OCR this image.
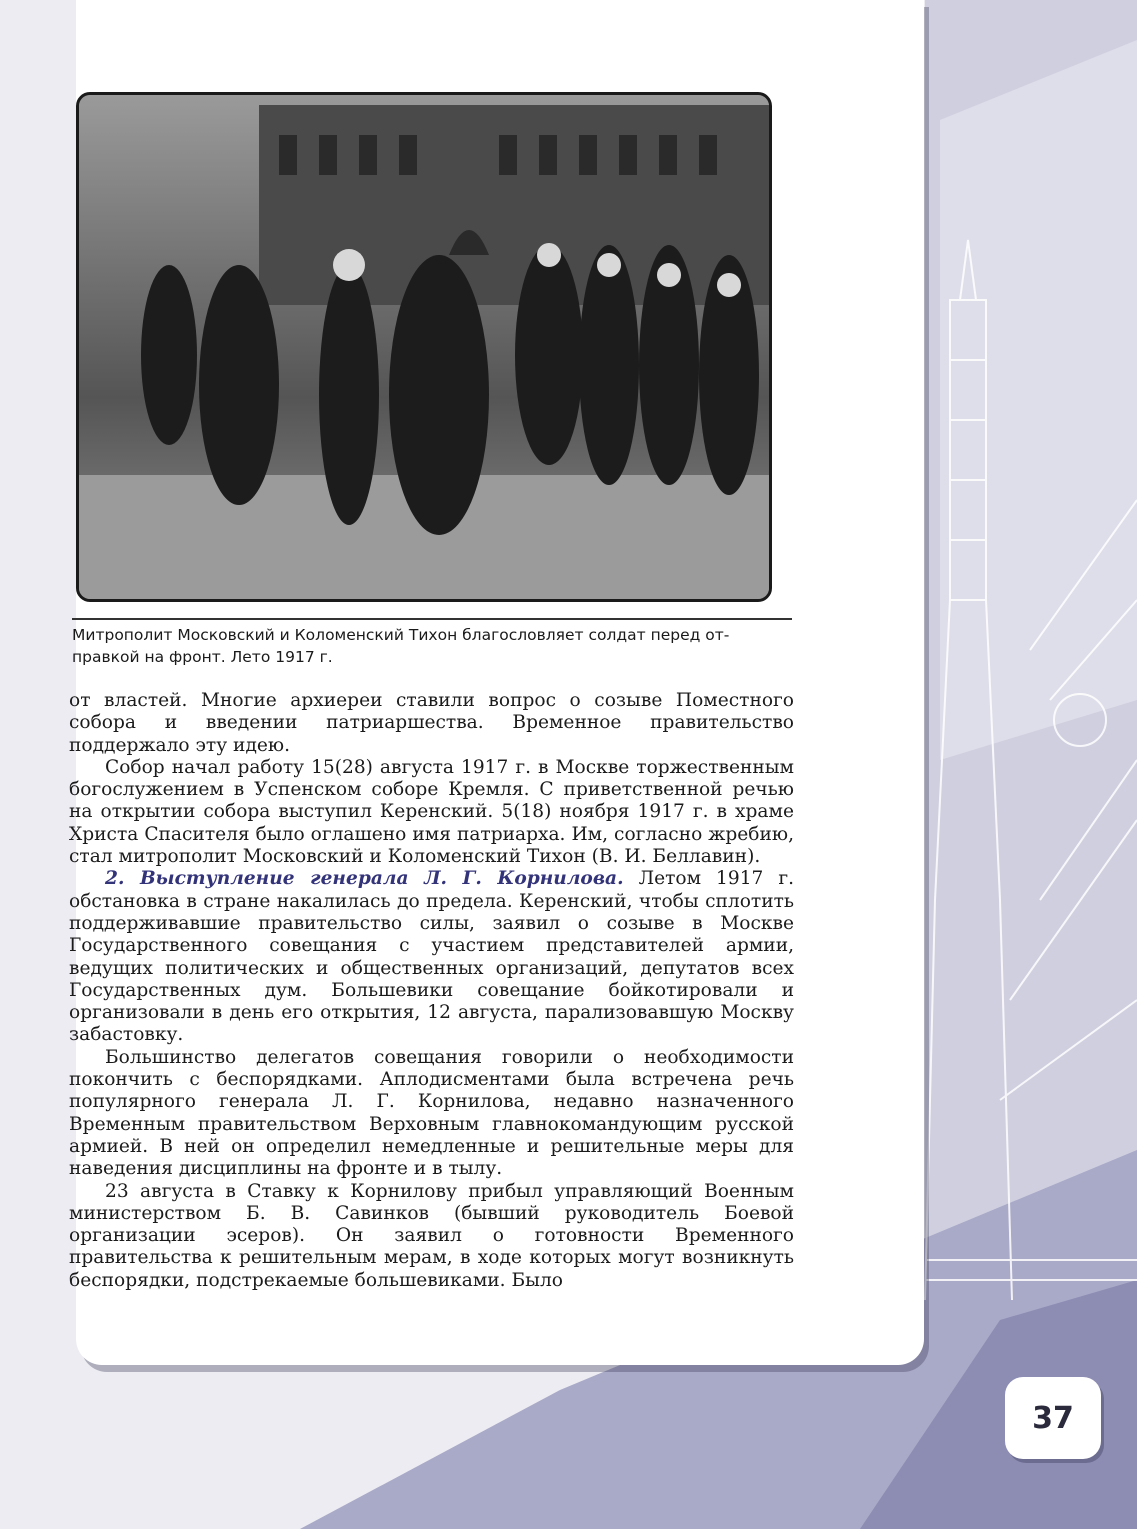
Митрополит Московский и Коломенский Тихон благословляет солдат перед от-правкой на фронт. Лето 1917 г.

от властей. Многие архиереи ставили вопрос о созыве Поместного собора и введении патриаршества. Временное правительство поддержало эту идею.

Собор начал работу 15(28) августа 1917 г. в Москве торжественным богослужением в Успенском соборе Кремля. С приветственной речью на открытии собора выступил Керенский. 5(18) ноября 1917 г. в храме Христа Спасителя было оглашено имя патриарха. Им, согласно жребию, стал митрополит Московский и Коломенский Тихон (В. И. Беллавин).

2. Выступление генерала Л. Г. Корнилова. Летом 1917 г. обстановка в стране накалилась до предела. Керенский, чтобы сплотить поддерживавшие правительство силы, заявил о созыве в Москве Государственного совещания с участием представителей армии, ведущих политических и общественных организаций, депутатов всех Государственных дум. Большевики совещание бойкотировали и организовали в день его открытия, 12 августа, парализовавшую Москву забастовку.

Большинство делегатов совещания говорили о необходимости покончить с беспорядками. Аплодисментами была встречена речь популярного генерала Л. Г. Корнилова, недавно назначенного Временным правительством Верховным главнокомандующим русской армией. В ней он определил немедленные и решительные меры для наведения дисциплины на фронте и в тылу.

23 августа в Ставку к Корнилову прибыл управляющий Военным министерством Б. В. Савинков (бывший руководитель Боевой организации эсеров). Он заявил о готовности Временного правительства к решительным мерам, в ходе которых могут возникнуть беспорядки, подстрекаемые большевиками. Было

37
